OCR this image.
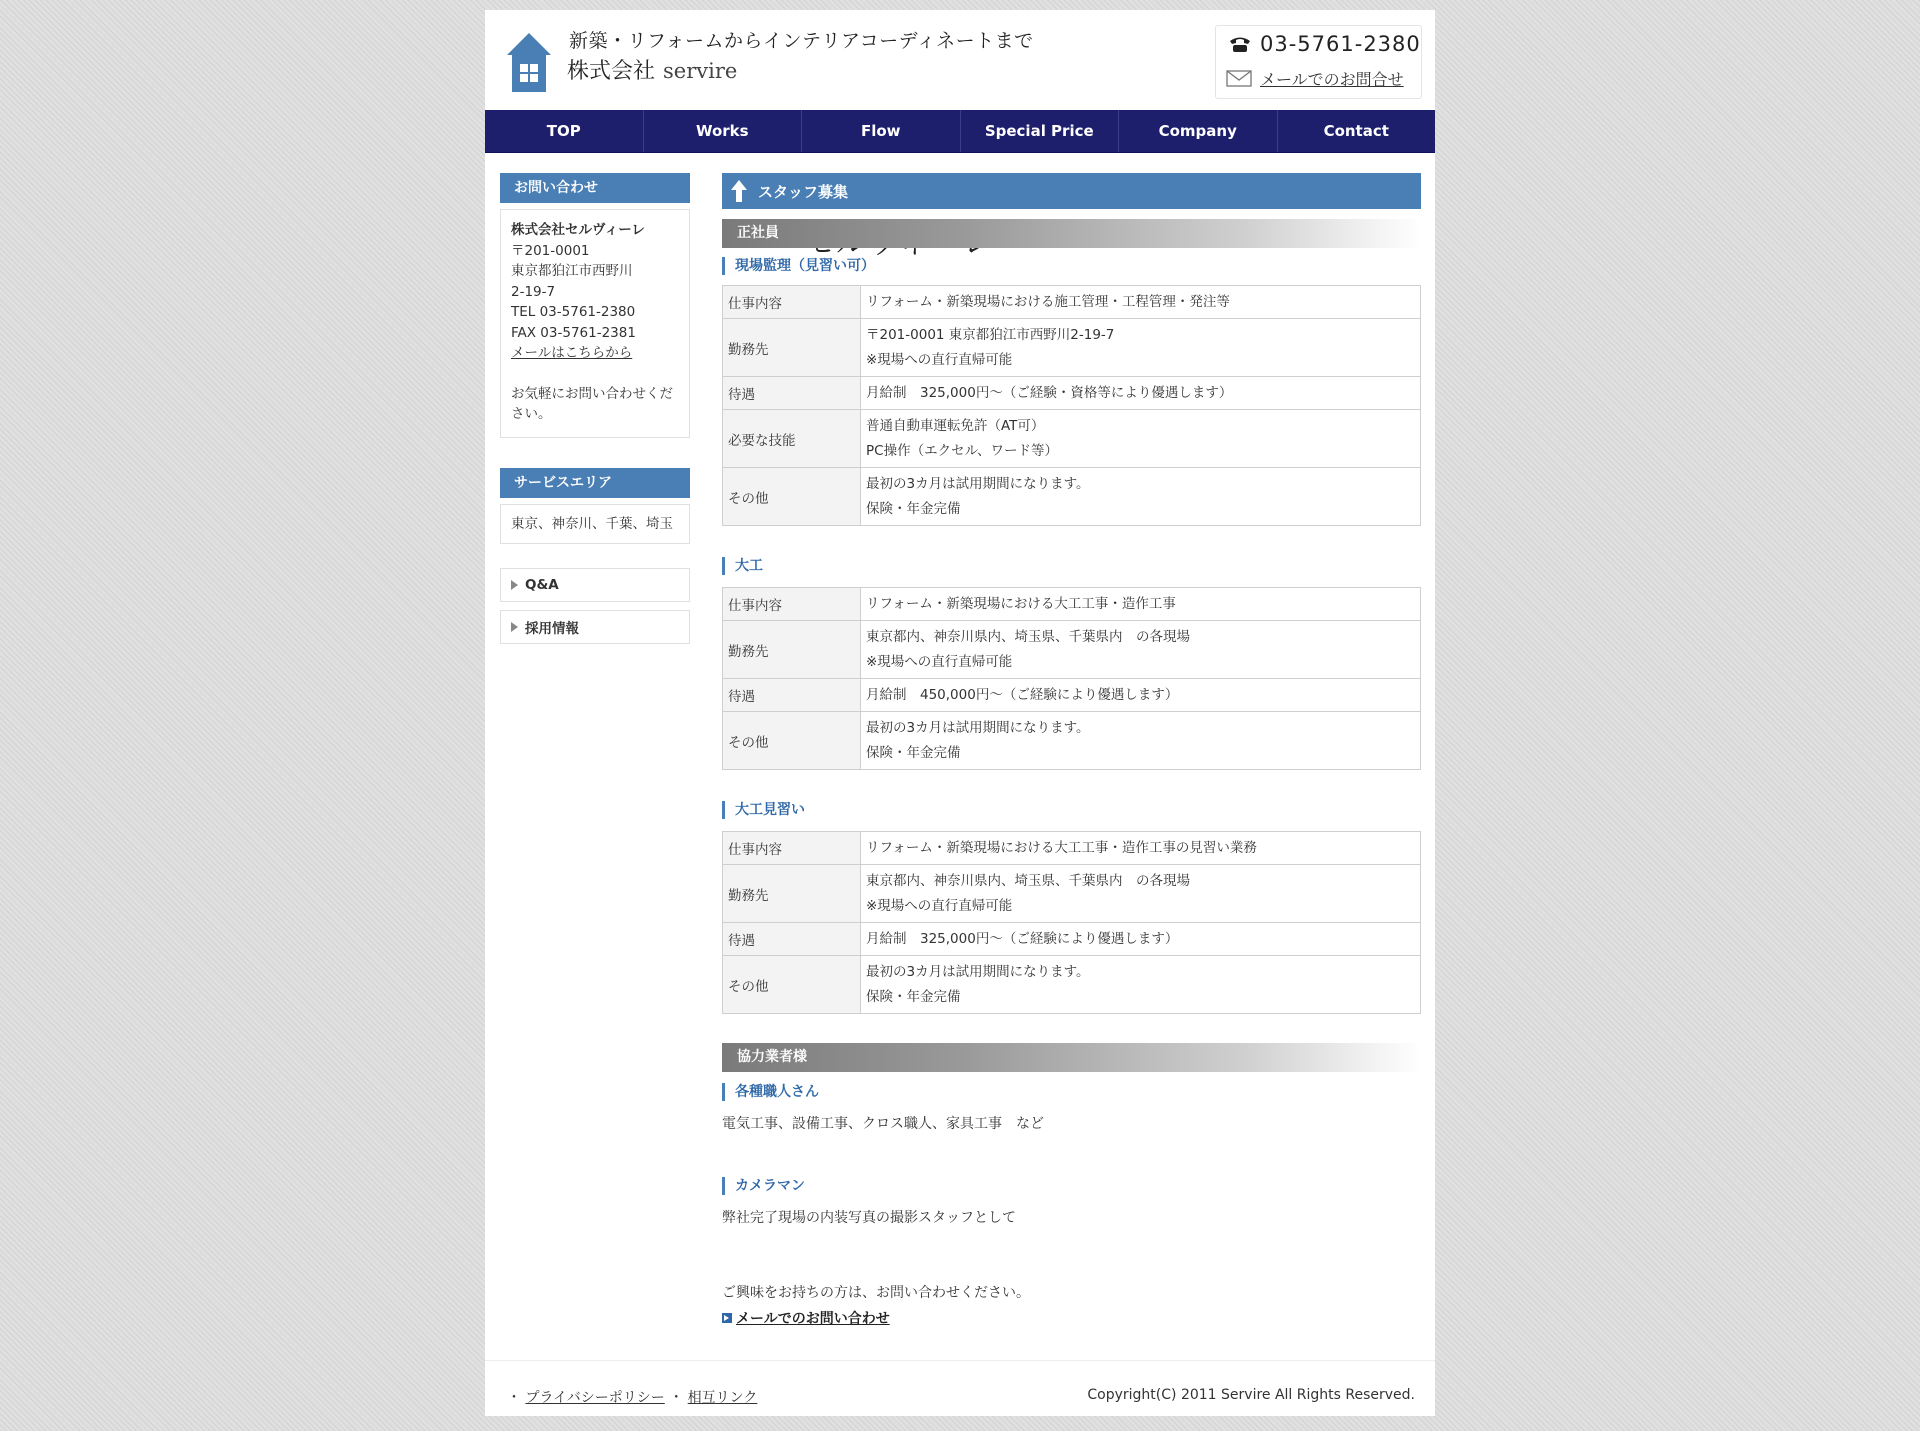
新築・リフォームからインテリアコーディネートまで
株式会社 servire
03-5761-2380
メールでのお問合せ
TOP	Works	Flow	Special Price	Company	Contact
お問い合わせ
株式会社セルヴィーレ
〒201-0001
東京都狛江市西野川
2-19-7
TEL 03-5761-2380
FAX 03-5761-2381
メールはこちらから
お気軽にお問い合わせください。
サービスエリア
東京、神奈川、千葉、埼玉
Q&A
採用情報
スタッフ募集
正社員
現場監理（見習い可）
仕事内容	リフォーム・新築現場における施工管理・工程管理・発注等

勤務先	〒201-0001 東京都狛江市西野川2-19-7
※現場への直行直帰可能

待遇	月給制　325,000円～（ご経験・資格等により優遇します）

必要な技能	普通自動車運転免許（AT可）
PC操作（エクセル、ワード等）

その他	最初の3カ月は試用期間になります。
保険・年金完備
大工
仕事内容	リフォーム・新築現場における大工工事・造作工事

勤務先	東京都内、神奈川県内、埼玉県、千葉県内　の各現場
※現場への直行直帰可能

待遇	月給制　450,000円～（ご経験により優遇します）

その他	最初の3カ月は試用期間になります。
保険・年金完備
大工見習い
仕事内容	リフォーム・新築現場における大工工事・造作工事の見習い業務

勤務先	東京都内、神奈川県内、埼玉県、千葉県内　の各現場
※現場への直行直帰可能

待遇	月給制　325,000円～（ご経験により優遇します）

その他	最初の3カ月は試用期間になります。
保険・年金完備
協力業者様
各種職人さん
電気工事、設備工事、クロス職人、家具工事　など
カメラマン
弊社完了現場の内装写真の撮影スタッフとして
ご興味をお持ちの方は、お問い合わせください。
メールでのお問い合わせ
・ プライバシーポリシー ・ 相互リンク	Copyright(C) 2011 Servire All Rights Reserved.
